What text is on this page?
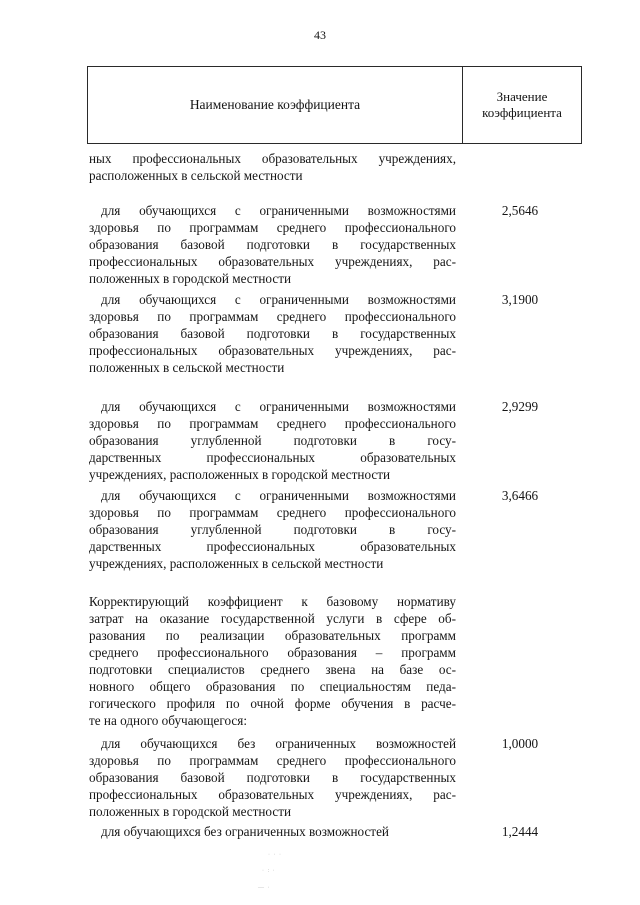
43
Наименование коэффициента
Значение
коэффициента
ных профессиональных образовательных учреждениях,
расположенных в сельской местности
для обучающихся с ограниченными возможностями
здоровья по программам среднего профессионального
образования базовой подготовки в государственных
профессиональных образовательных учреждениях, рас-
положенных в городской местности
2,5646
для обучающихся с ограниченными возможностями
здоровья по программам среднего профессионального
образования базовой подготовки в государственных
профессиональных образовательных учреждениях, рас-
положенных в сельской местности
3,1900
для обучающихся с ограниченными возможностями
здоровья по программам среднего профессионального
образования углубленной подготовки в госу-
дарственных профессиональных образовательных
учреждениях, расположенных в городской местности
2,9299
для обучающихся с ограниченными возможностями
здоровья по программам среднего профессионального
образования углубленной подготовки в госу-
дарственных профессиональных образовательных
учреждениях, расположенных в сельской местности
3,6466
Корректирующий коэффициент к базовому нормативу
затрат на оказание государственной услуги в сфере об-
разования по реализации образовательных программ
среднего профессионального образования – программ
подготовки специалистов среднего звена на базе ос-
новного общего образования по специальностям педа-
гогического профиля по очной форме обучения в расче-
те на одного обучающегося:
для обучающихся без ограниченных возможностей
здоровья по программам среднего профессионального
образования базовой подготовки в государственных
профессиональных образовательных учреждениях, рас-
положенных в городской местности
1,0000
для обучающихся без ограниченных возможностей	1,2444
· · ·
· : ·
— ·
